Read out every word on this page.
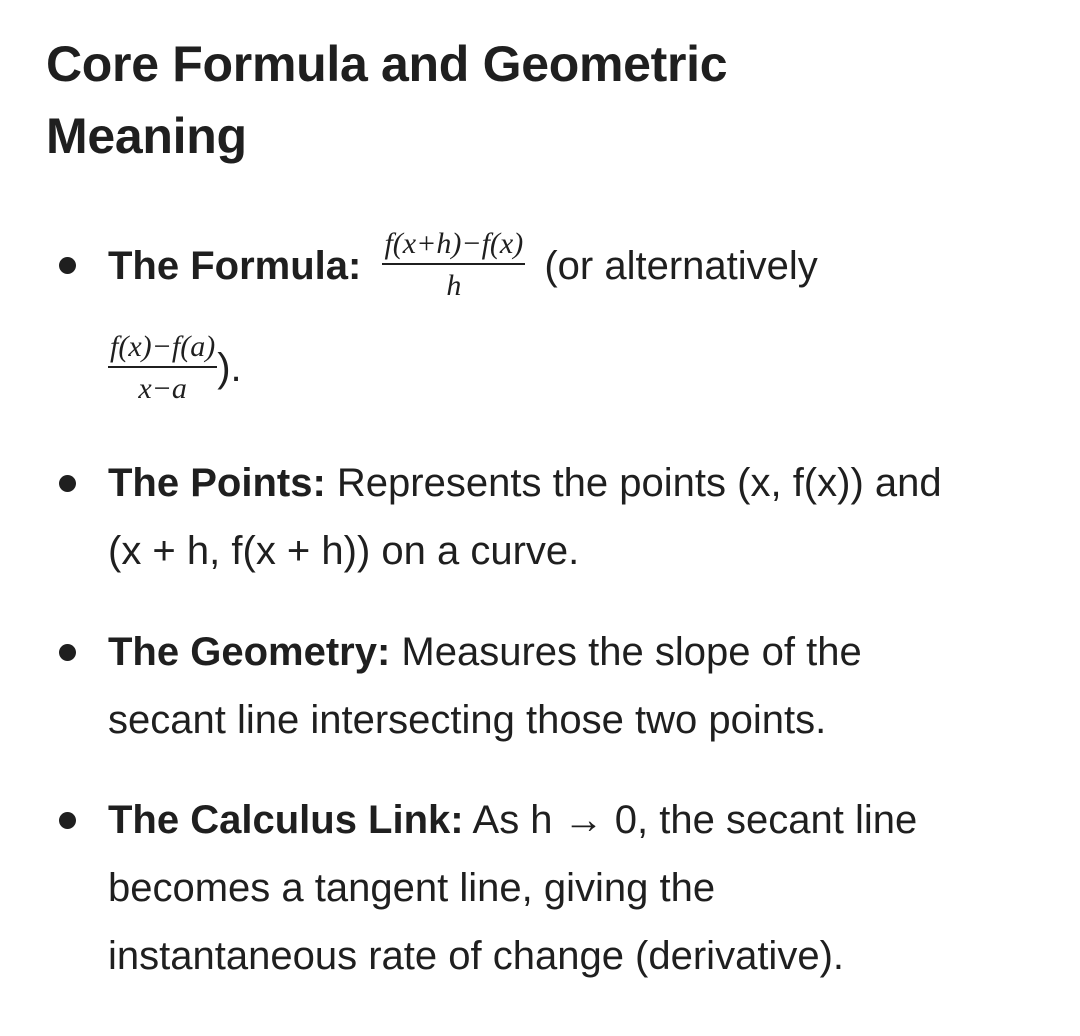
Core Formula and Geometric
Meaning
The Formula: $\frac{f(x+h)-f(x)}{h} (or$ alternatively
$\frac{f(x)-f(a)}{x-a}$ ).
The Points: Represents the points (x, f(x)) and
(x + h, f(x + h)) on a curve.
The Geometry: Measures the slope of the
secant line intersecting those two points.
The Calculus Link: As h → 0, the secant line
becomes a tangent line, giving the
instantaneous rate of change (derivative).
